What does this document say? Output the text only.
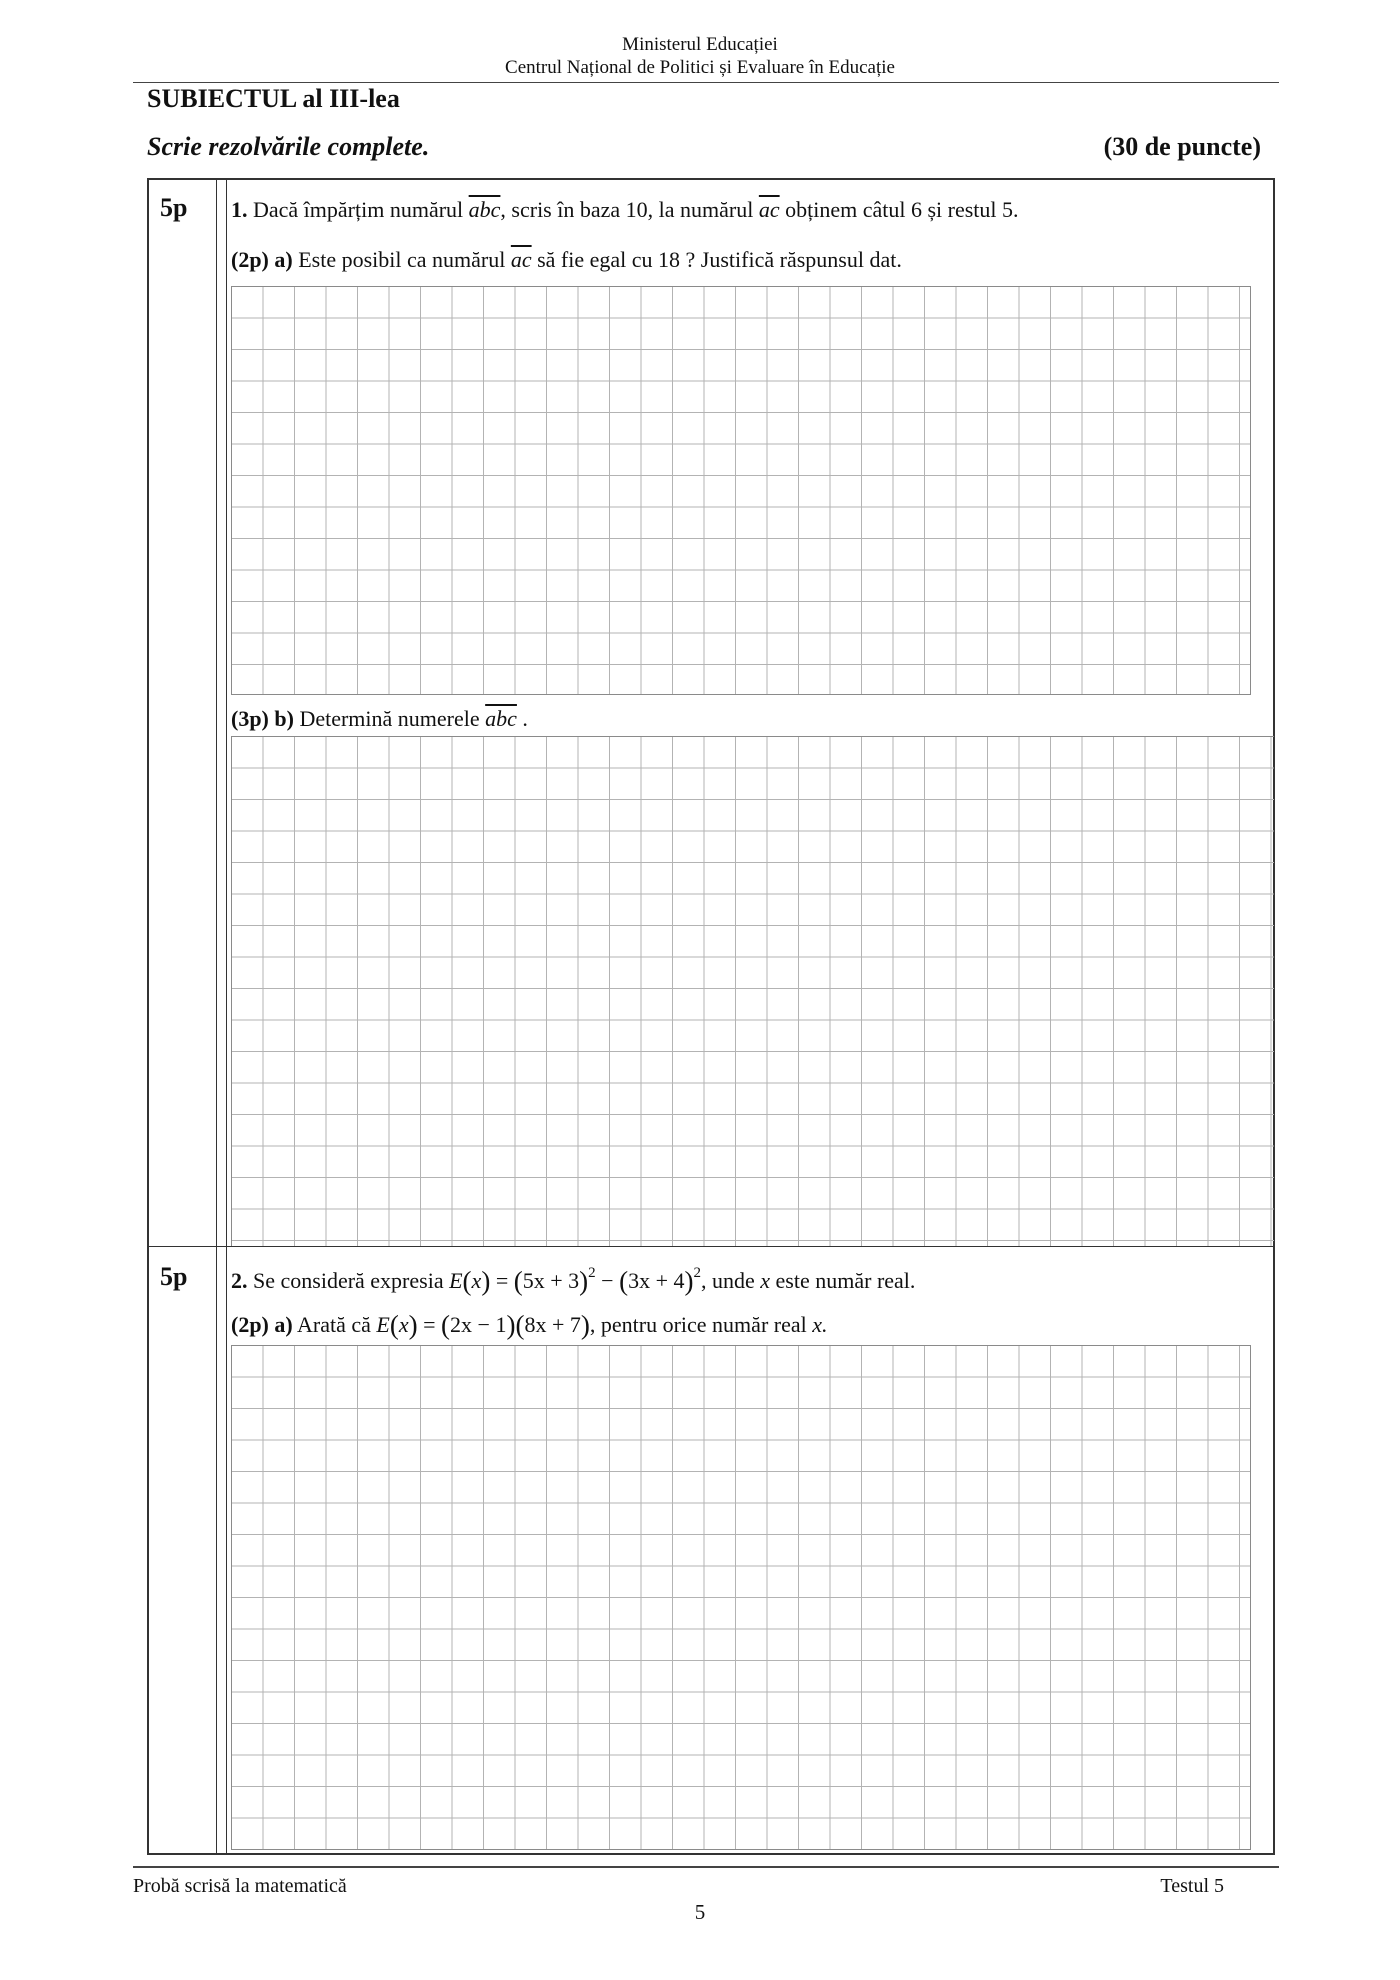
Ministerul Educației
Centrul Național de Politici și Evaluare în Educație
SUBIECTUL al III-lea
Scrie rezolvările complete.	(30 de puncte)
5p 1. Dacă împărțim numărul $\overline{abc}$, scris în baza 10, la numărul $\overline{ac}$ obținem câtul 6 și restul 5.
(2p) a) Este posibil ca numărul $\overline{ac}$ să fie egal cu 18 ? Justifică răspunsul dat.
(3p) b) Determină numerele $\overline{abc}$ .
5p 2. Se consideră expresia $E(x) = (5x + 3)^2 - (3x + 4)^2$, unde x este număr real.
(2p) a) Arată că E(x) = (2x − 1)(8x + 7), pentru orice număr real x.
Probă scrisă la matematică	Testul 5
5
